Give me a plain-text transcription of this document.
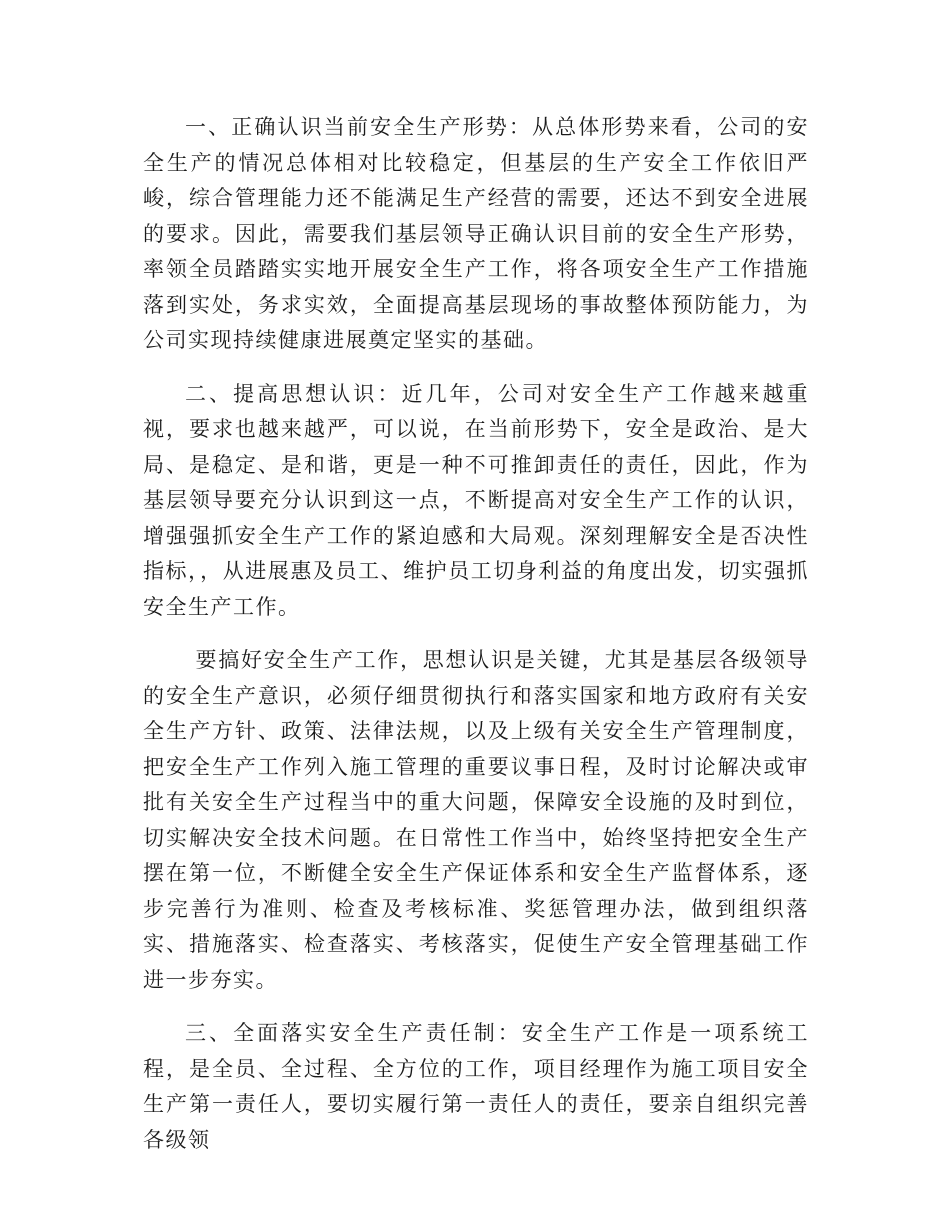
一、正确认识当前安全生产形势：从总体形势来看，公司的安全生产的情况总体相对比较稳定，但基层的生产安全工作依旧严峻，综合管理能力还不能满足生产经营的需要，还达不到安全进展的要求。因此，需要我们基层领导正确认识目前的安全生产形势，率领全员踏踏实实地开展安全生产工作，将各项安全生产工作措施落到实处，务求实效，全面提高基层现场的事故整体预防能力，为公司实现持续健康进展奠定坚实的基础。

二、提高思想认识：近几年，公司对安全生产工作越来越重视，要求也越来越严，可以说，在当前形势下，安全是政治、是大局、是稳定、是和谐，更是一种不可推卸责任的责任，因此，作为基层领导要充分认识到这一点，不断提高对安全生产工作的认识，增强强抓安全生产工作的紧迫感和大局观。深刻理解安全是否决性指标，，从进展惠及员工、维护员工切身利益的角度出发，切实强抓安全生产工作。

要搞好安全生产工作，思想认识是关键，尤其是基层各级领导的安全生产意识，必须仔细贯彻执行和落实国家和地方政府有关安全生产方针、政策、法律法规，以及上级有关安全生产管理制度，把安全生产工作列入施工管理的重要议事日程，及时讨论解决或审批有关安全生产过程当中的重大问题，保障安全设施的及时到位，切实解决安全技术问题。在日常性工作当中，始终坚持把安全生产摆在第一位，不断健全安全生产保证体系和安全生产监督体系，逐步完善行为准则、检查及考核标准、奖惩管理办法，做到组织落实、措施落实、检查落实、考核落实，促使生产安全管理基础工作进一步夯实。

三、全面落实安全生产责任制：安全生产工作是一项系统工程，是全员、全过程、全方位的工作，项目经理作为施工项目安全生产第一责任人，要切实履行第一责任人的责任，要亲自组织完善各级领
